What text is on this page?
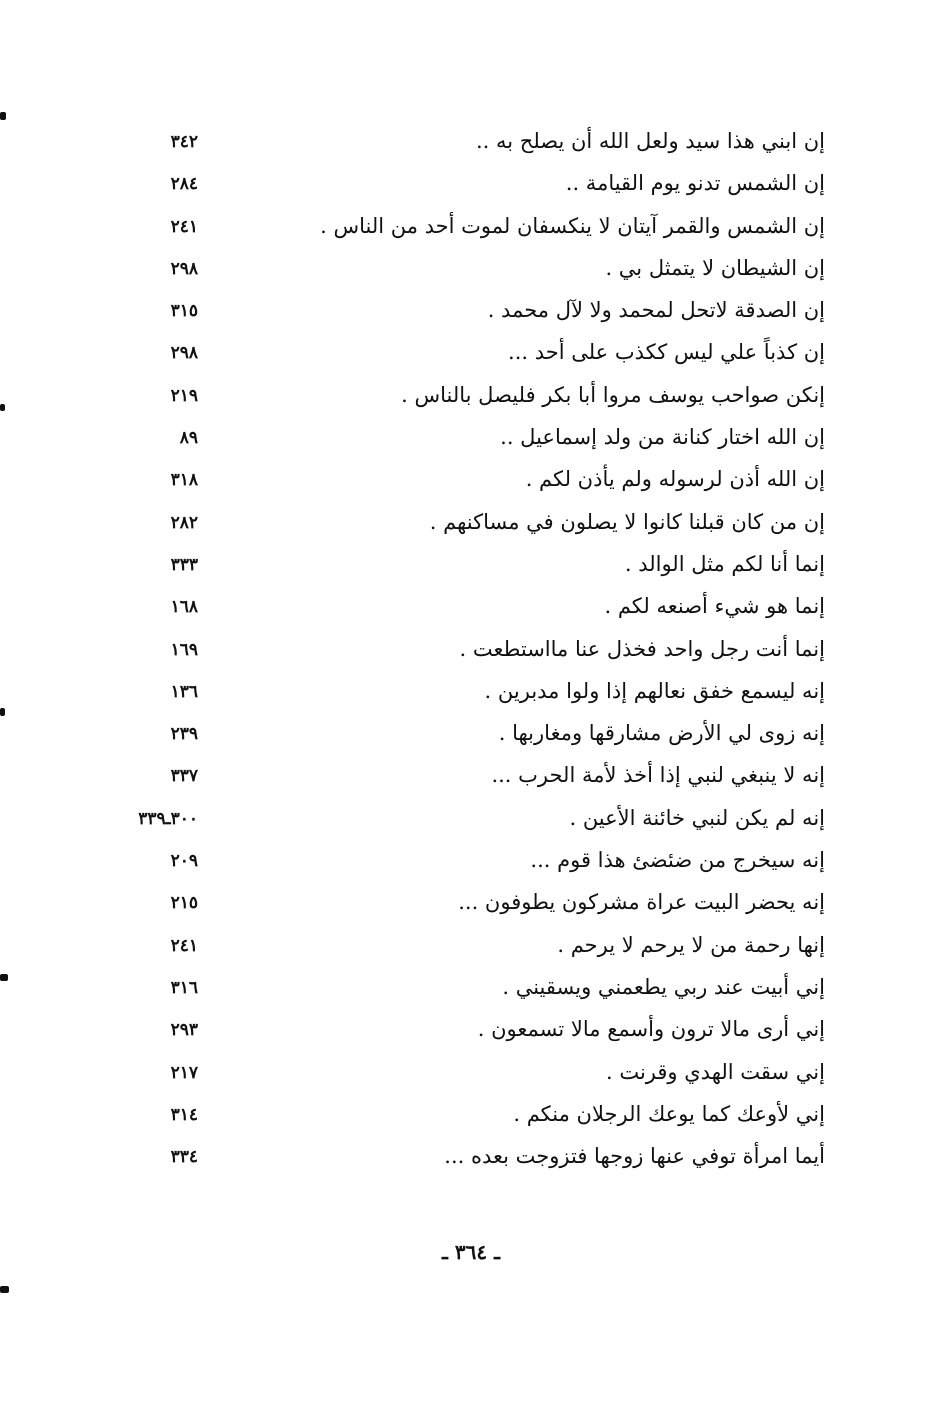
إن ابني هذا سيد ولعل الله أن يصلح به ..
٣٤٢
إن الشمس تدنو يوم القيامة ..
٢٨٤
إن الشمس والقمر آيتان لا ينكسفان لموت أحد من الناس .
٢٤١
إن الشيطان لا يتمثل بي .
٢٩٨
إن الصدقة لاتحل لمحمد ولا لآل محمد .
٣١٥
إن كذباً علي ليس ككذب على أحد ...
٢٩٨
إنكن صواحب يوسف مروا أبا بكر فليصل بالناس .
٢١٩
إن الله اختار كنانة من ولد إسماعيل ..
٨٩
إن الله أذن لرسوله ولم يأذن لكم .
٣١٨
إن من كان قبلنا كانوا لا يصلون في مساكنهم .
٢٨٢
إنما أنا لكم مثل الوالد .
٣٣٣
إنما هو شيء أصنعه لكم .
١٦٨
إنما أنت رجل واحد فخذل عنا مااستطعت .
١٦٩
إنه ليسمع خفق نعالهم إذا ولوا مدبرين .
١٣٦
إنه زوى لي الأرض مشارقها ومغاربها .
٢٣٩
إنه لا ينبغي لنبي إذا أخذ لأمة الحرب ...
٣٣٧
إنه لم يكن لنبي خائنة الأعين .
٣٠٠ـ٣٣٩
إنه سيخرج من ضئضئ هذا قوم ...
٢٠٩
إنه يحضر البيت عراة مشركون يطوفون ...
٢١٥
إنها رحمة من لا يرحم لا يرحم .
٢٤١
إني أبيت عند ربي يطعمني ويسقيني .
٣١٦
إني أرى مالا ترون وأسمع مالا تسمعون .
٢٩٣
إني سقت الهدي وقرنت .
٢١٧
إني لأوعك كما يوعك الرجلان منكم .
٣١٤
أيما امرأة توفي عنها زوجها فتزوجت بعده ...
٣٣٤
ـ ٣٦٤ ـ
